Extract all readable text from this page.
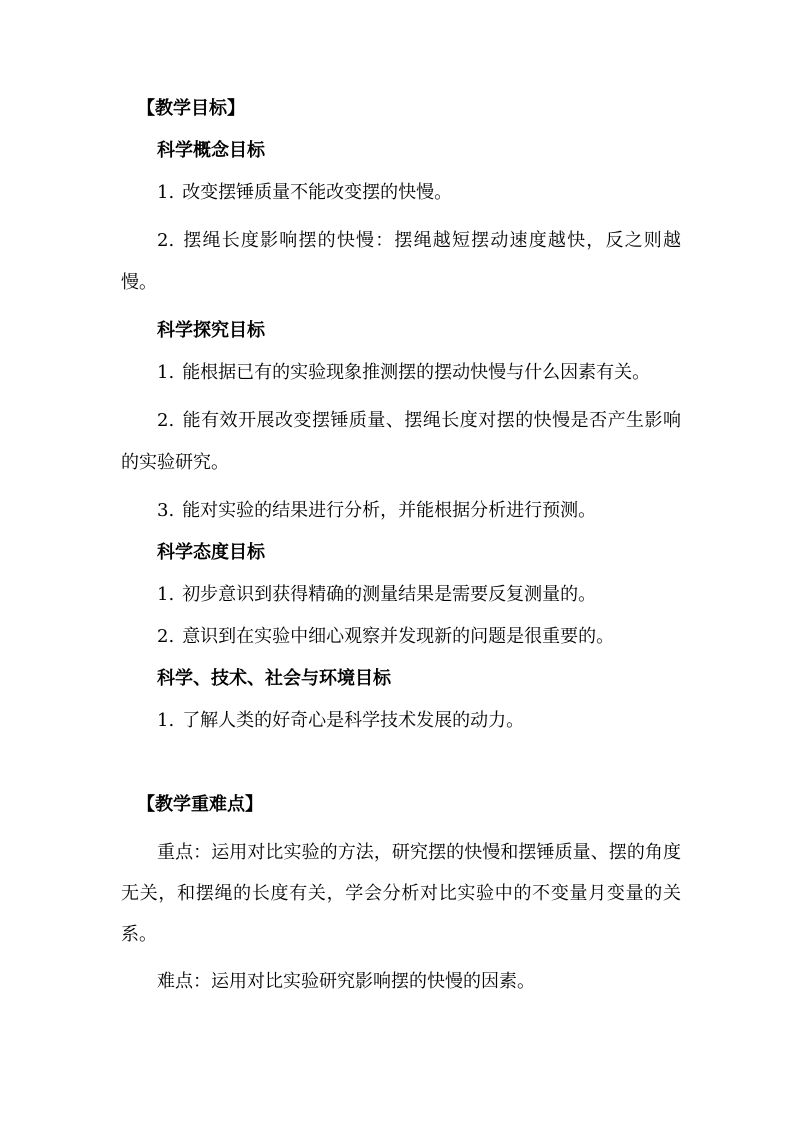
【教学目标】

科学概念目标

1. 改变摆锤质量不能改变摆的快慢。

2. 摆绳长度影响摆的快慢：摆绳越短摆动速度越快，反之则越慢。

科学探究目标

1. 能根据已有的实验现象推测摆的摆动快慢与什么因素有关。

2. 能有效开展改变摆锤质量、摆绳长度对摆的快慢是否产生影响的实验研究。

3. 能对实验的结果进行分析，并能根据分析进行预测。

科学态度目标

1. 初步意识到获得精确的测量结果是需要反复测量的。

2. 意识到在实验中细心观察并发现新的问题是很重要的。

科学、技术、社会与环境目标

1. 了解人类的好奇心是科学技术发展的动力。

【教学重难点】

重点：运用对比实验的方法，研究摆的快慢和摆锤质量、摆的角度无关，和摆绳的长度有关，学会分析对比实验中的不变量月变量的关系。

难点：运用对比实验研究影响摆的快慢的因素。
